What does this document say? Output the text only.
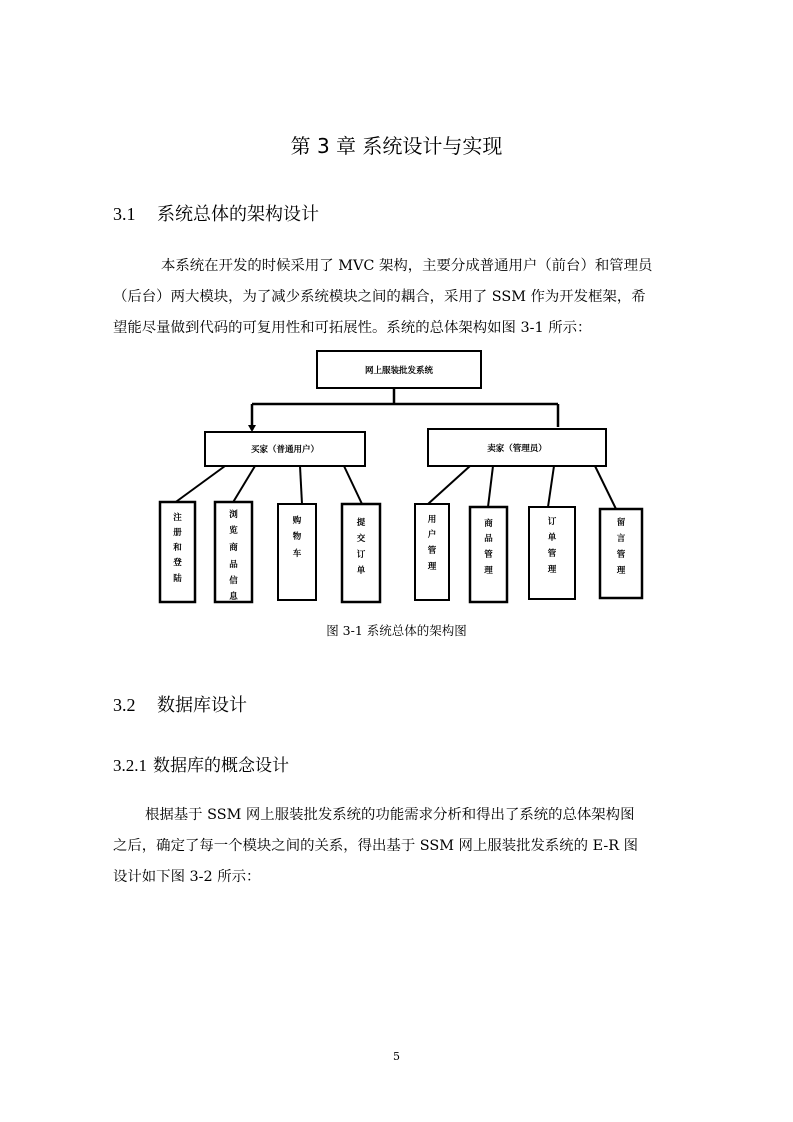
第 3 章 系统设计与实现
3.1 系统总体的架构设计
本系统在开发的时候采用了 MVC 架构，主要分成普通用户（前台）和管理员
（后台）两大模块，为了减少系统模块之间的耦合，采用了 SSM 作为开发框架，希
望能尽量做到代码的可复用性和可拓展性。系统的总体架构如图 3-1 所示：
网上服装批发系统
买家（普通用户）	卖家（管理员）
注
册
和
登
陆
浏
览
商
品
信
息
购
物
车
提
交
订
单
用
户
管
理
商
品
管
理
订
单
管
理
留
言
管
理
图 3-1 系统总体的架构图
3.2 数据库设计
3.2.1 数据库的概念设计
根据基于 SSM 网上服装批发系统的功能需求分析和得出了系统的总体架构图
之后，确定了每一个模块之间的关系，得出基于 SSM 网上服装批发系统的 E-R 图
设计如下图 3-2 所示：
5
